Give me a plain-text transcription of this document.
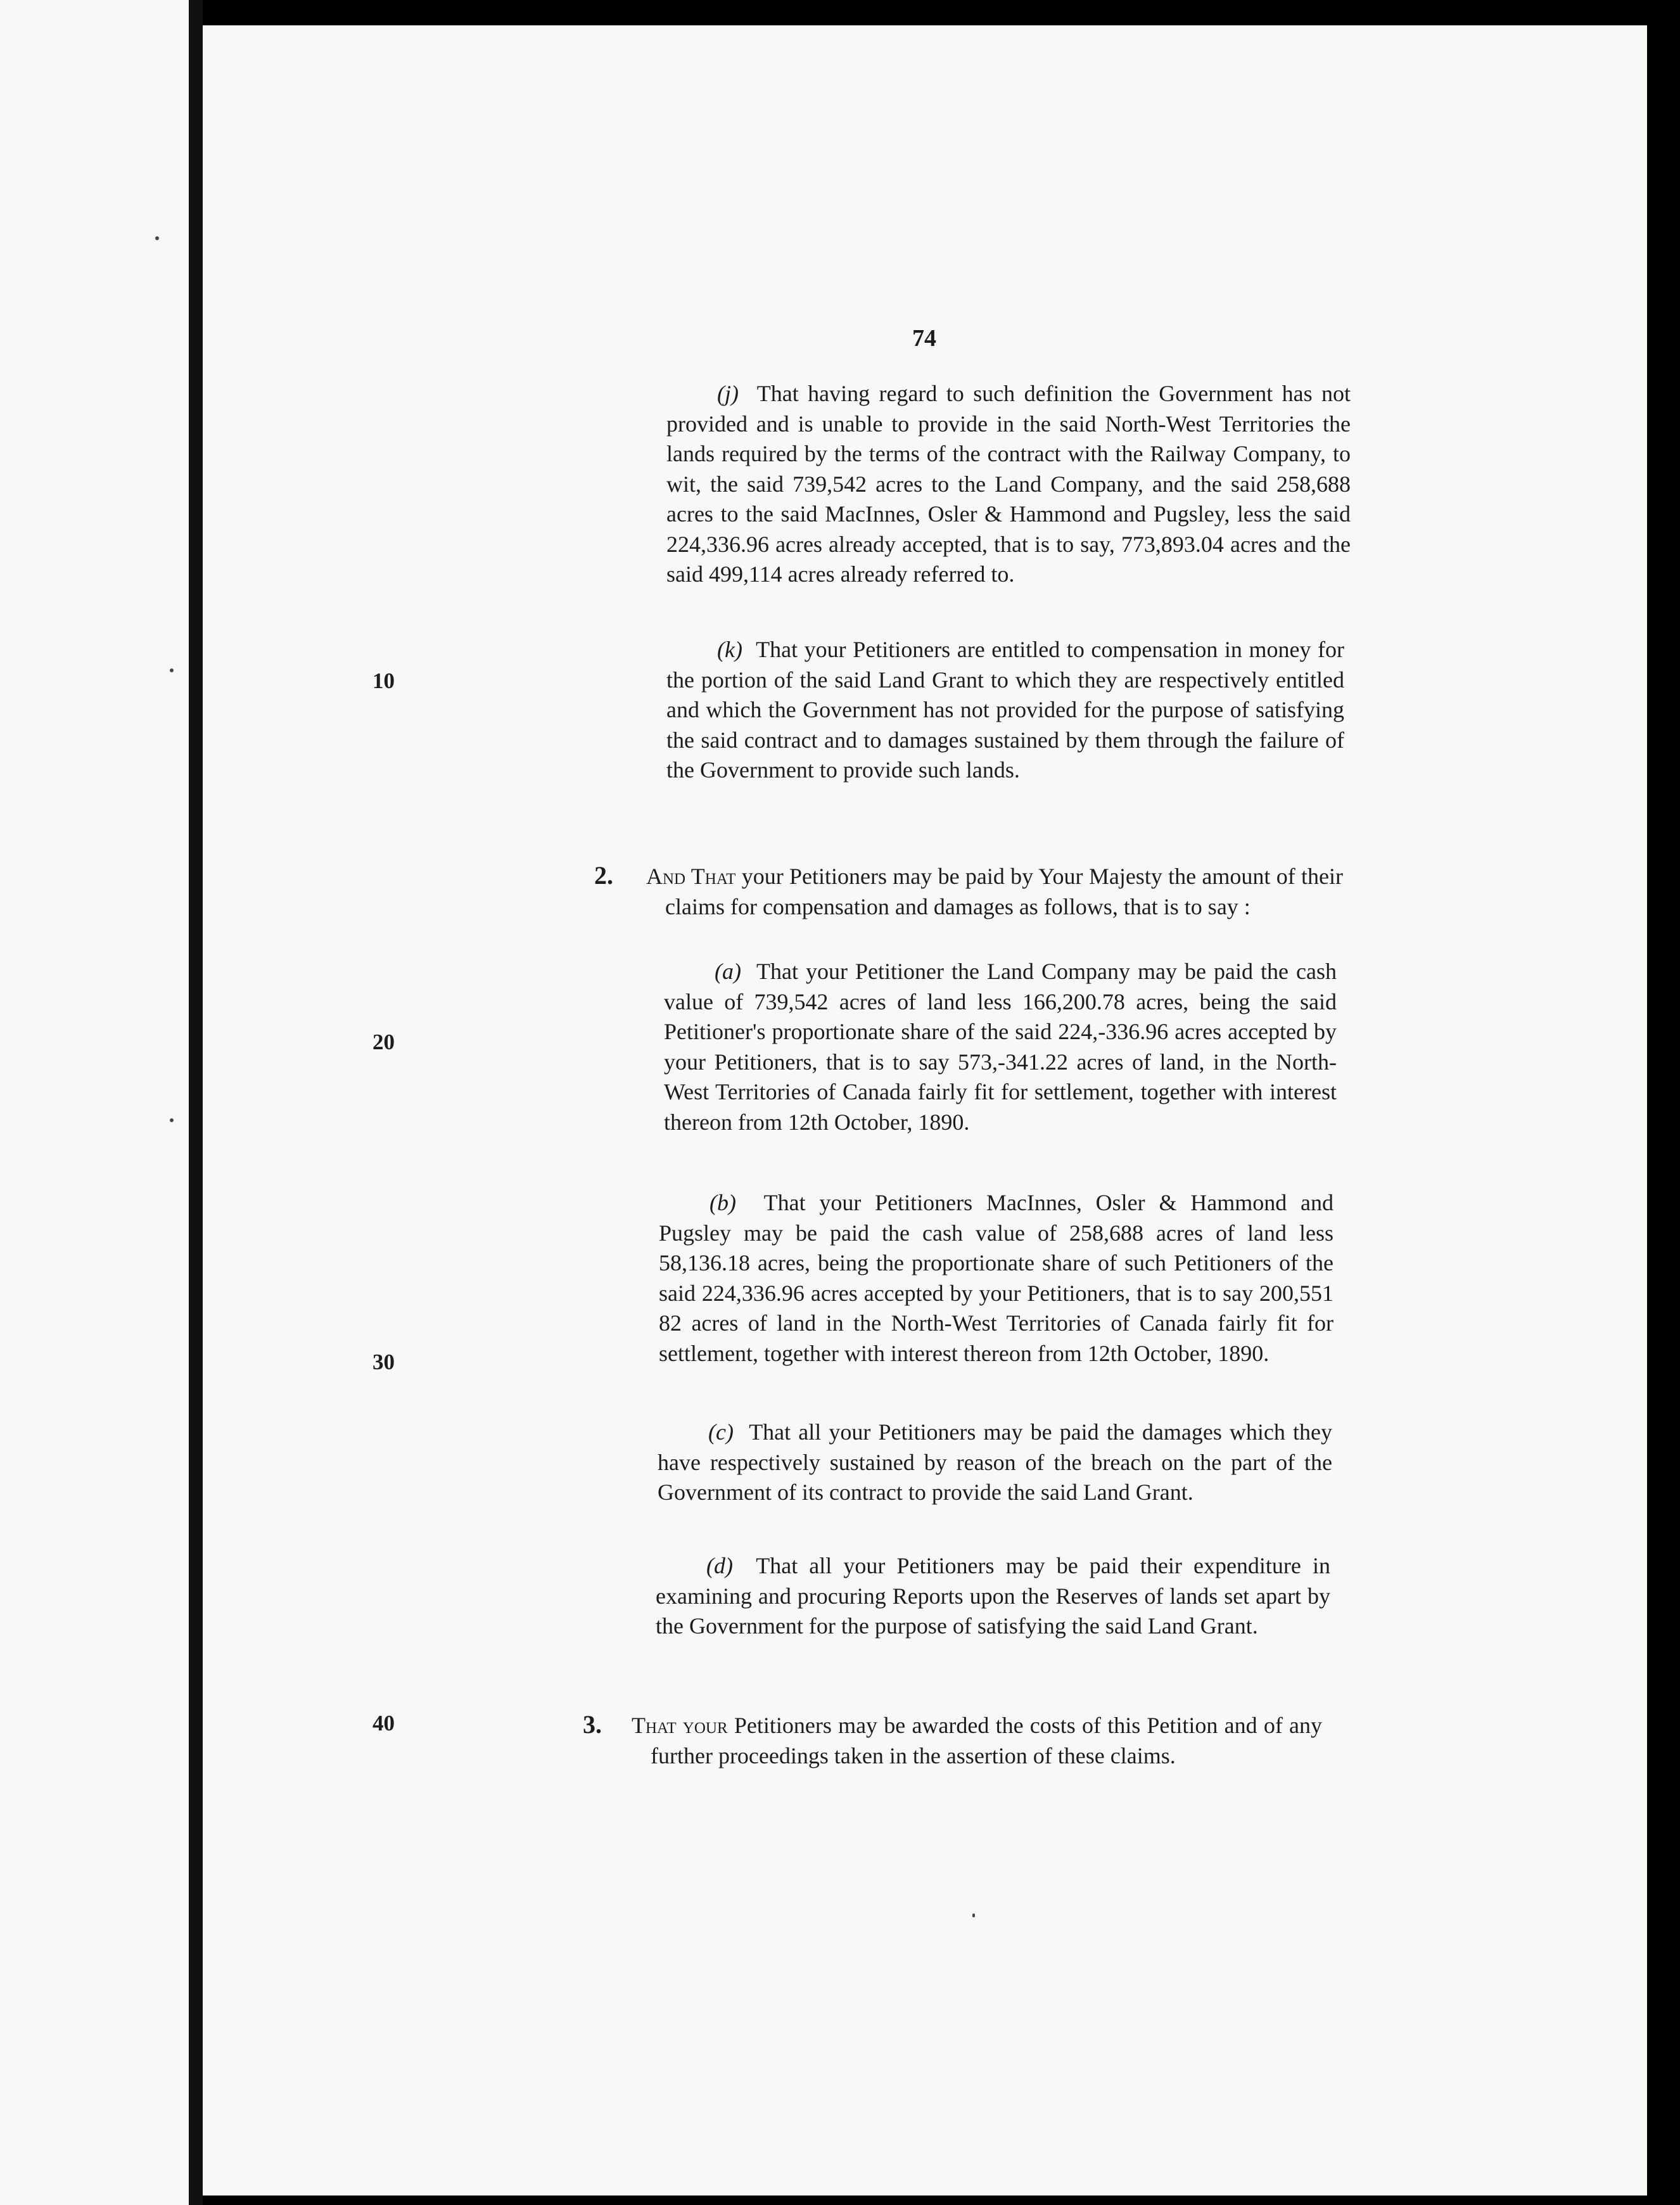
74
10
20
30
40

(j) That having regard to such definition the Government has not provided and is unable to provide in the said North-West Territories the lands required by the terms of the contract with the Railway Company, to wit, the said 739,542 acres to the Land Company, and the said 258,688 acres to the said MacInnes, Osler & Hammond and Pugsley, less the said 224,336.96 acres already accepted, that is to say, 773,893.04 acres and the said 499,114 acres already referred to.

(k) That your Petitioners are entitled to compensation in money for the portion of the said Land Grant to which they are respectively entitled and which the Government has not provided for the purpose of satisfying the said contract and to damages sustained by them through the failure of the Government to provide such lands.

2. And That your Petitioners may be paid by Your Majesty the amount of their claims for compensation and damages as follows, that is to say :

(a) That your Petitioner the Land Company may be paid the cash value of 739,542 acres of land less 166,200.78 acres, being the said Petitioner's proportionate share of the said 224,-336.96 acres accepted by your Petitioners, that is to say 573,-341.22 acres of land, in the North-West Territories of Canada fairly fit for settlement, together with interest thereon from 12th October, 1890.

(b) That your Petitioners MacInnes, Osler & Hammond and Pugsley may be paid the cash value of 258,688 acres of land less 58,136.18 acres, being the proportionate share of such Petitioners of the said 224,336.96 acres accepted by your Petitioners, that is to say 200,551 82 acres of land in the North-West Territories of Canada fairly fit for settlement, together with interest thereon from 12th October, 1890.

(c) That all your Petitioners may be paid the damages which they have respectively sustained by reason of the breach on the part of the Government of its contract to provide the said Land Grant.

(d) That all your Petitioners may be paid their expenditure in examining and procuring Reports upon the Reserves of lands set apart by the Government for the purpose of satisfying the said Land Grant.

3. That your Petitioners may be awarded the costs of this Petition and of any further proceedings taken in the assertion of these claims.
